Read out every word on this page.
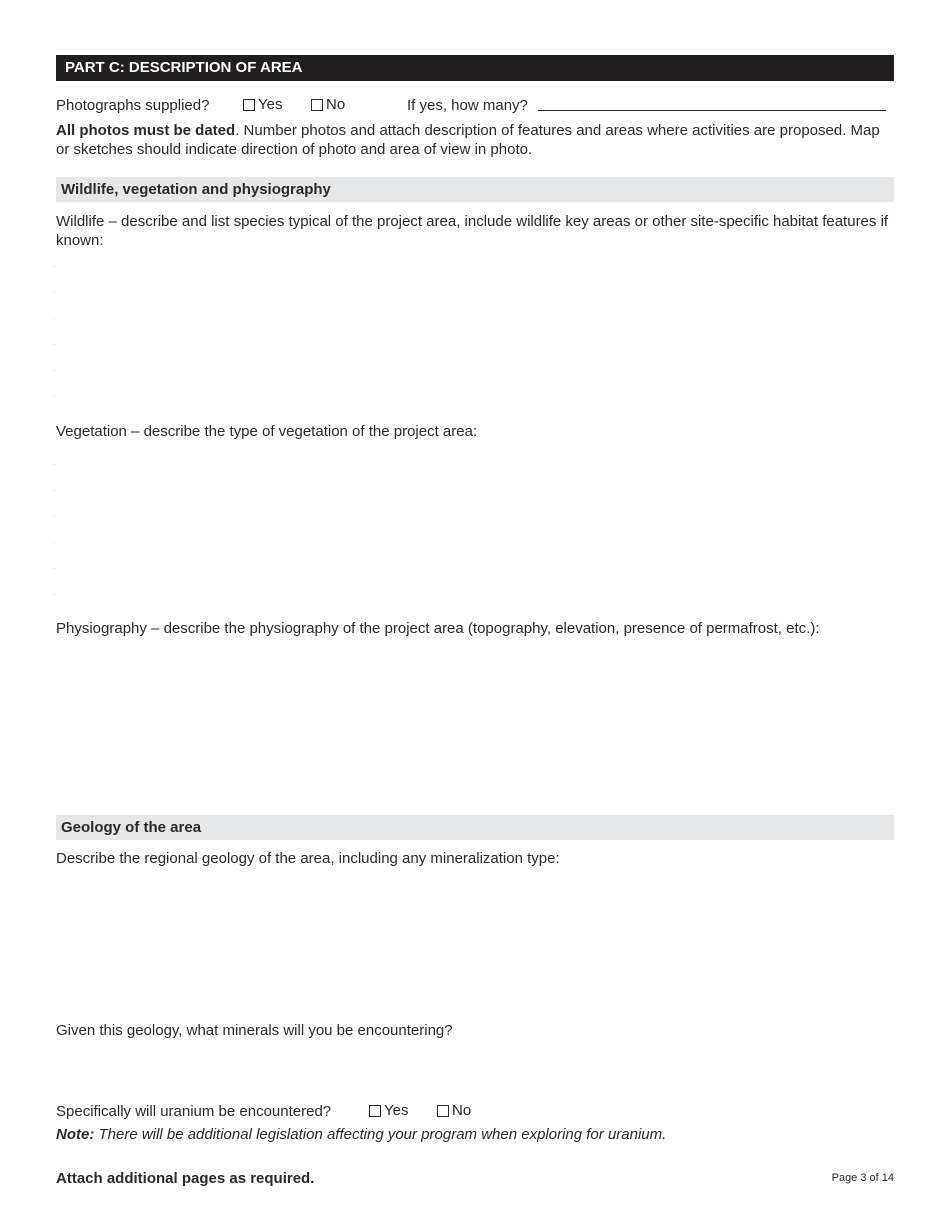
PART C: DESCRIPTION OF AREA
Photographs supplied?	Yes	No	If yes, how many?
All photos must be dated. Number photos and attach description of features and areas where activities are proposed. Map or sketches should indicate direction of photo and area of view in photo.
Wildlife, vegetation and physiography
Wildlife – describe and list species typical of the project area, include wildlife key areas or other site-specific habitat features if known:
Vegetation – describe the type of vegetation of the project area:
Physiography – describe the physiography of the project area (topography, elevation, presence of permafrost, etc.):
Geology of the area
Describe the regional geology of the area, including any mineralization type:
Given this geology, what minerals will you be encountering?
Specifically will uranium be encountered?	Yes	No
Note: There will be additional legislation affecting your program when exploring for uranium.
Attach additional pages as required.	Page 3 of 14
